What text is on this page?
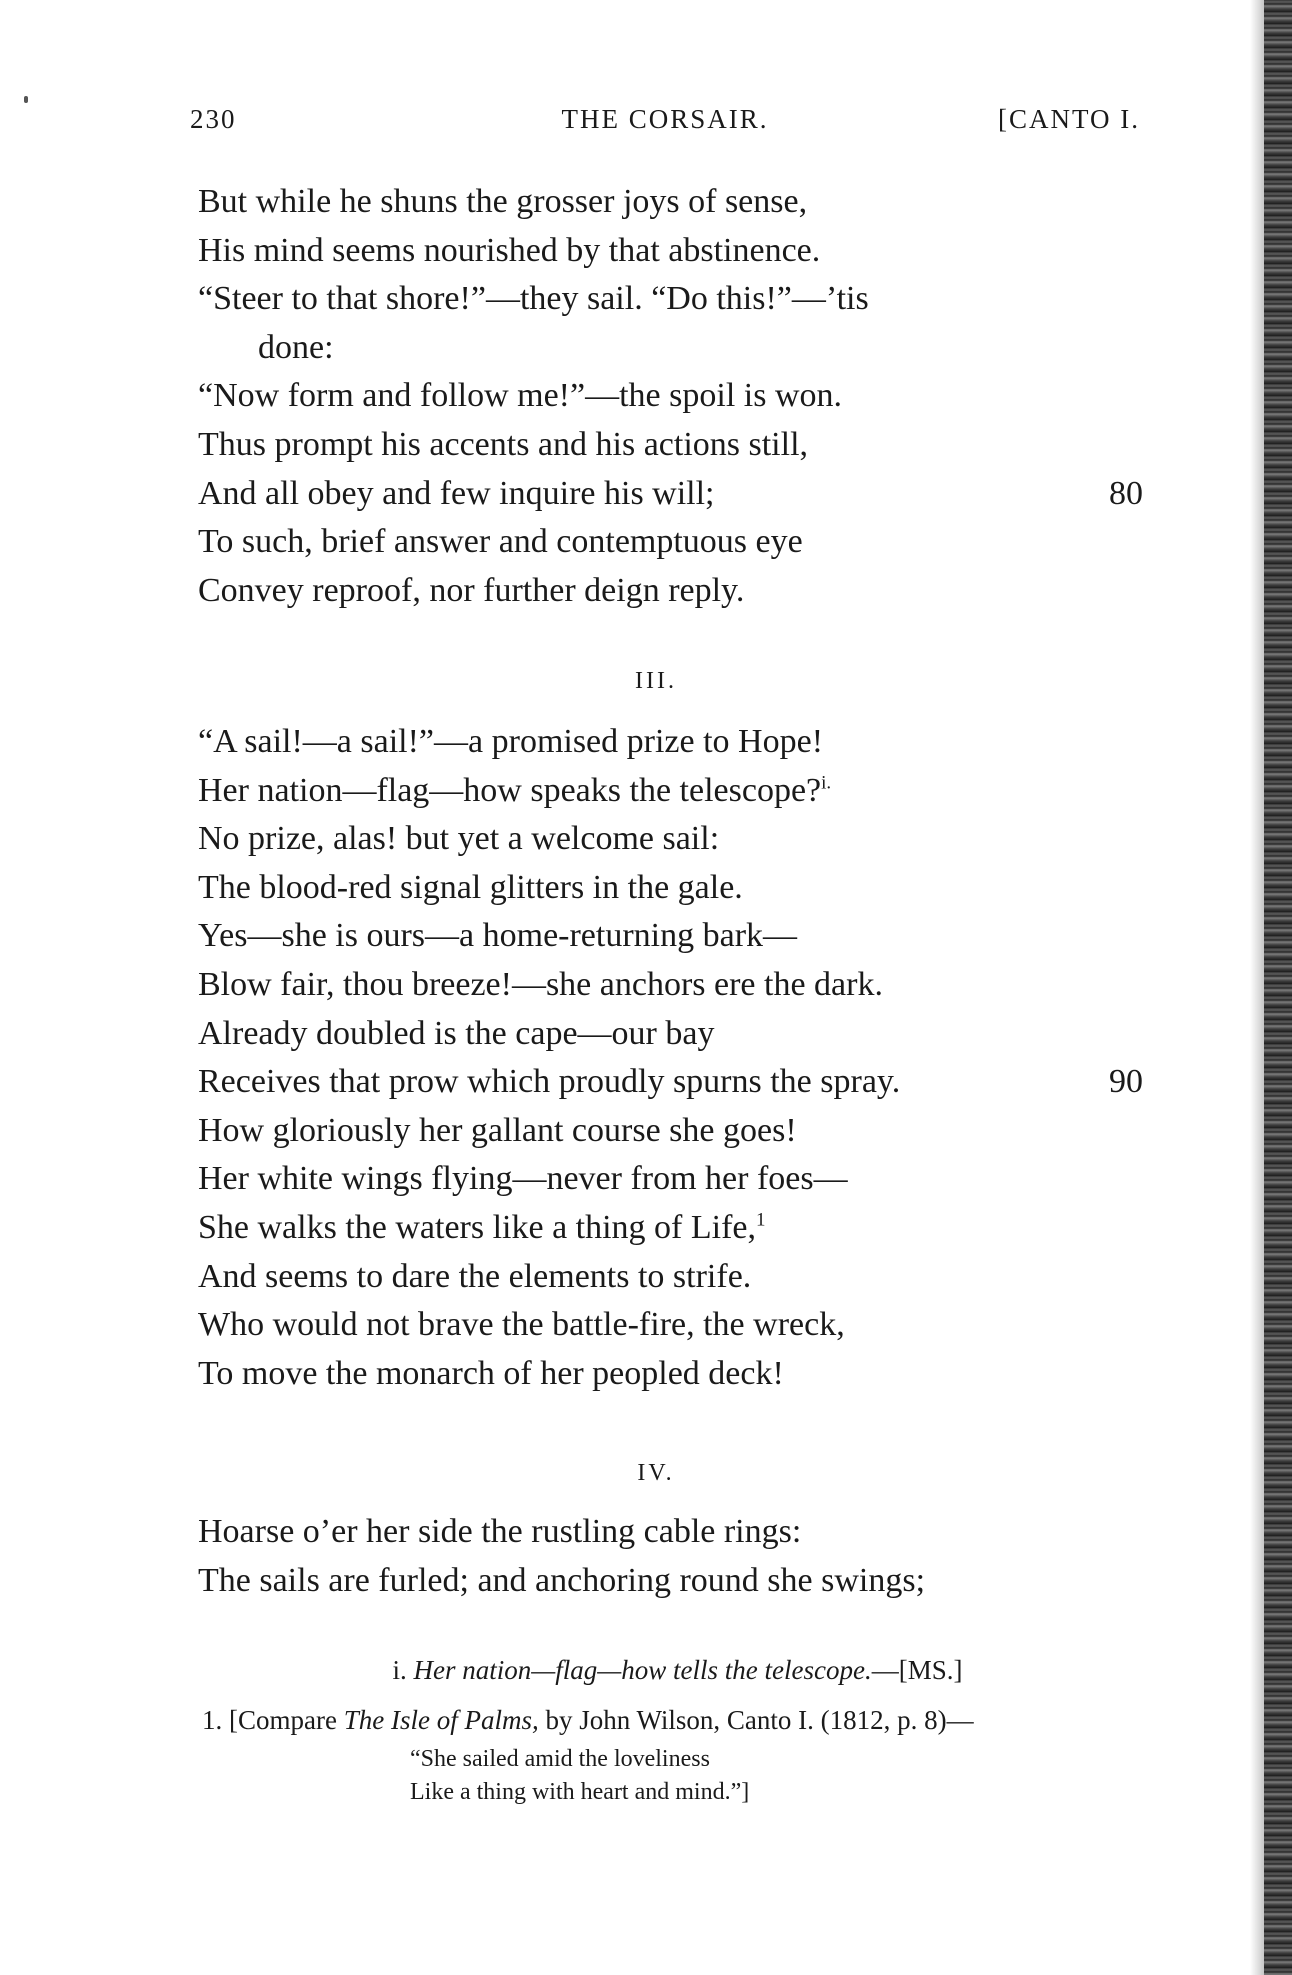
230	THE CORSAIR.	[CANTO I.
But while he shuns the grosser joys of sense,
His mind seems nourished by that abstinence.
“Steer to that shore!”—they sail. “Do this!”—’tis
done:
“Now form and follow me!”—the spoil is won.
Thus prompt his accents and his actions still,
And all obey and few inquire his will;	80
To such, brief answer and contemptuous eye
Convey reproof, nor further deign reply.
III.
“A sail!—a sail!”—a promised prize to Hope!
Her nation—flag—how speaks the telescope?$^{i.}$
No prize, alas! but yet a welcome sail:
The blood-red signal glitters in the gale.
Yes—she is ours—a home-returning bark—
Blow fair, thou breeze!—she anchors ere the dark.
Already doubled is the cape—our bay
Receives that prow which proudly spurns the spray.	90
How gloriously her gallant course she goes!
Her white wings flying—never from her foes—
She walks the waters like a thing of Life,$^1$
And seems to dare the elements to strife.
Who would not brave the battle-fire, the wreck,
To move the monarch of her peopled deck!
IV.
Hoarse o’er her side the rustling cable rings:
The sails are furled; and anchoring round she swings;
i. Her nation—flag—how tells the telescope.—[MS.]
1. [Compare The Isle of Palms, by John Wilson, Canto I. (1812, p. 8)—
“She sailed amid the loveliness
Like a thing with heart and mind.”]
